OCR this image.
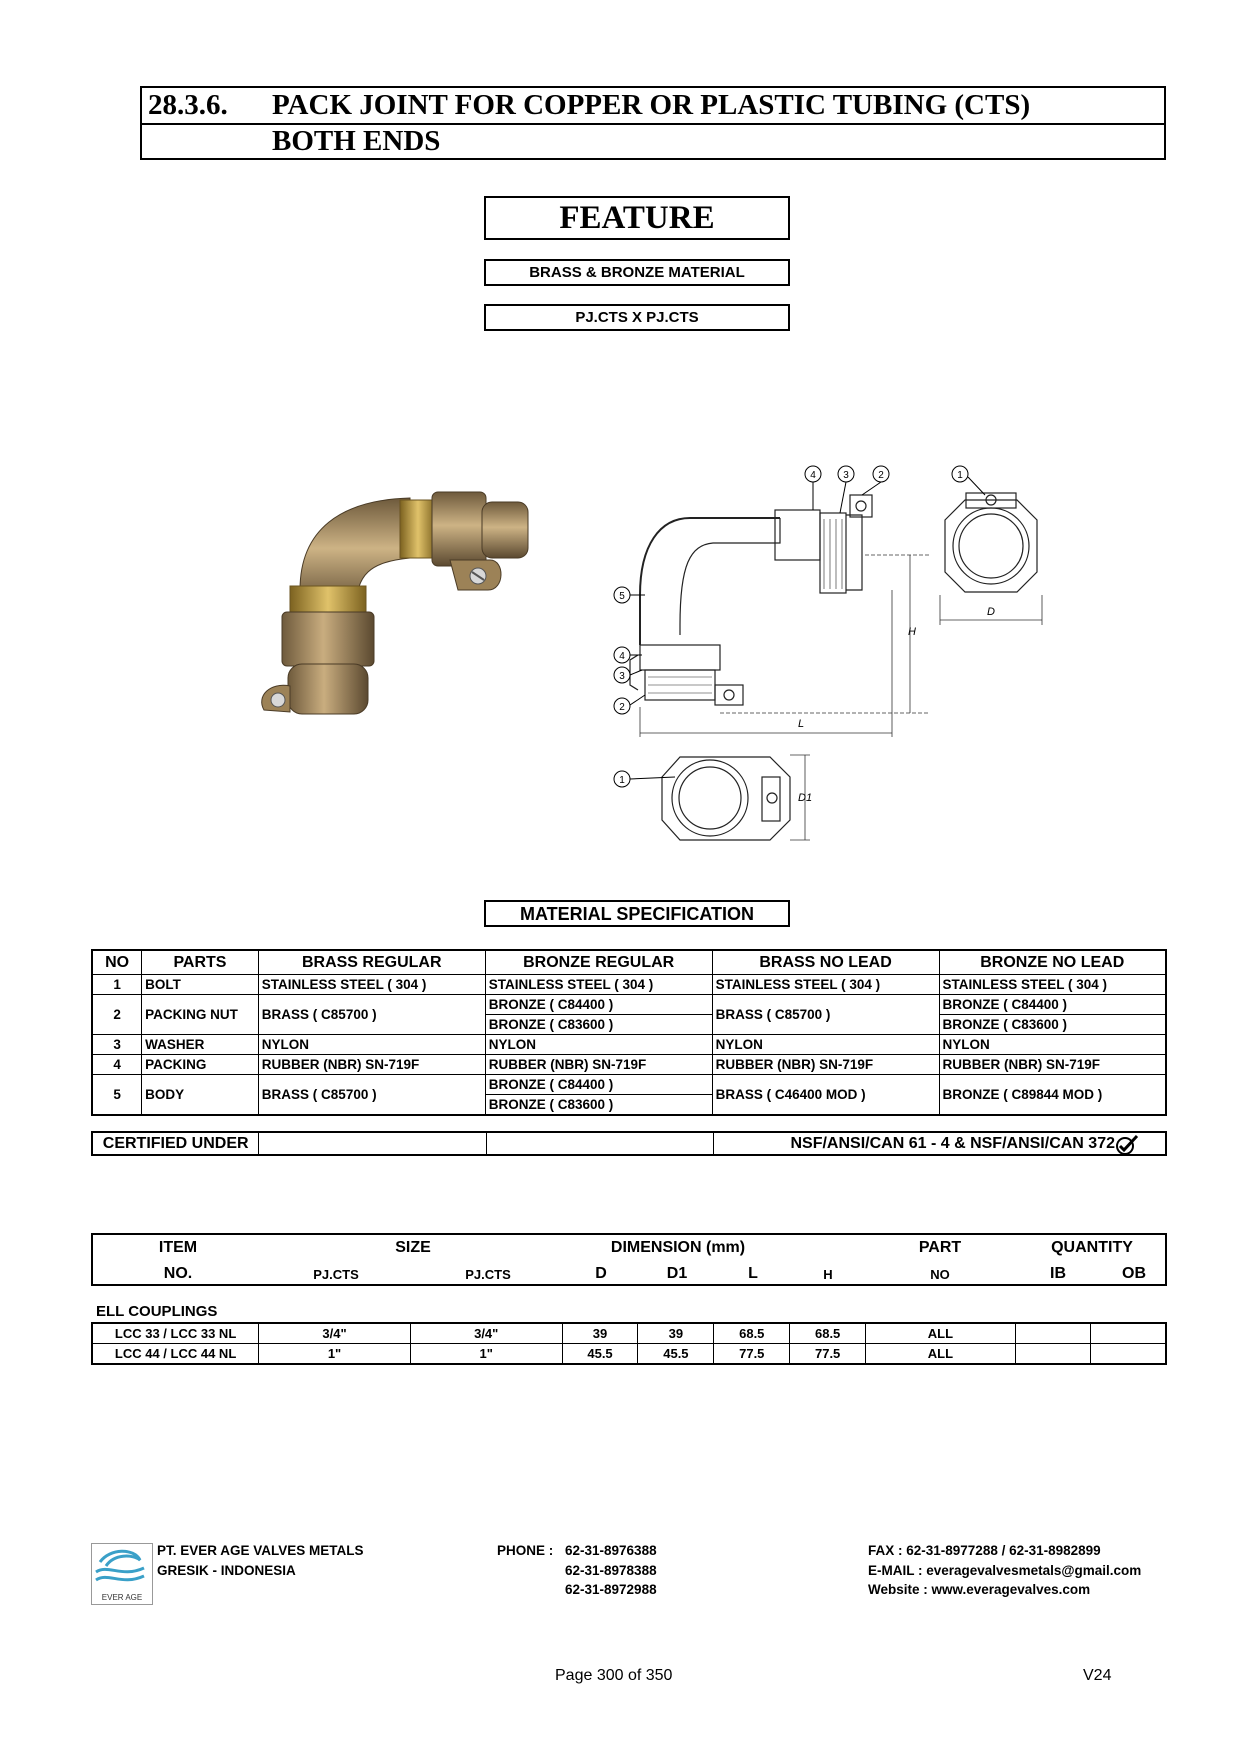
28.3.6. PACK JOINT FOR COPPER OR PLASTIC TUBING (CTS)
BOTH ENDS
FEATURE
BRASS & BRONZE MATERIAL
PJ.CTS X PJ.CTS
H
L
D
D1
4	3	2	1
5
4
3
2
1
MATERIAL SPECIFICATION
NO	PARTS	BRASS REGULAR	BRONZE REGULAR	BRASS NO LEAD	BRONZE NO LEAD
1	BOLT	STAINLESS STEEL ( 304 )	STAINLESS STEEL ( 304 )	STAINLESS STEEL ( 304 )	STAINLESS STEEL ( 304 )
2	PACKING NUT	BRASS ( C85700 )	BRONZE ( C84400 )	BRASS ( C85700 )	BRONZE ( C84400 )
			BRONZE ( C83600 )		BRONZE ( C83600 )
3	WASHER	NYLON	NYLON	NYLON	NYLON
4	PACKING	RUBBER (NBR) SN-719F	RUBBER (NBR) SN-719F	RUBBER (NBR) SN-719F	RUBBER (NBR) SN-719F
5	BODY	BRASS ( C85700 )	BRONZE ( C84400 )	BRASS ( C46400 MOD )	BRONZE ( C89844 MOD )
			BRONZE ( C83600 )		
CERTIFIED UNDER			NSF/ANSI/CAN 61 - 4 & NSF/ANSI/CAN 372
ITEM	SIZE	DIMENSION (mm)	PART	QUANTITY
NO.	PJ.CTS	PJ.CTS	D	D1	L	H	NO	IB	OB
ELL COUPLINGS
LCC 33 / LCC 33 NL	3/4"	3/4"	39	39	68.5	68.5	ALL		
LCC 44 / LCC 44 NL	1"	1"	45.5	45.5	77.5	77.5	ALL		
EVER AGE
PT. EVER AGE VALVES METALS
GRESIK - INDONESIA
PHONE : 62-31-8976388
62-31-8978388
62-31-8972988
FAX : 62-31-8977288 / 62-31-8982899
E-MAIL : everagevalvesmetals@gmail.com
Website : www.everagevalves.com
Page 300 of 350	V24
